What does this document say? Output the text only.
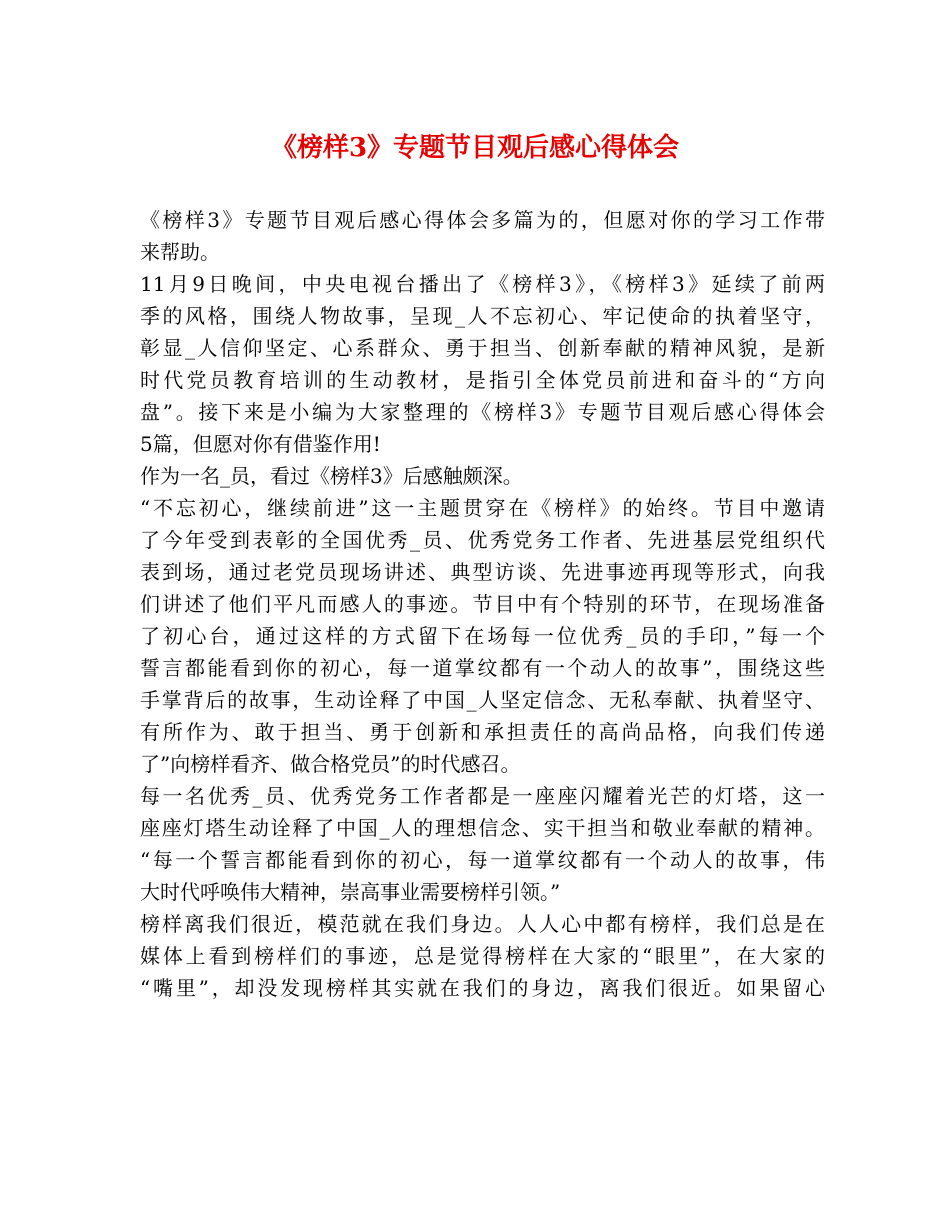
《榜样3》专题节目观后感心得体会
《榜样3》专题节目观后感心得体会多篇为的，但愿对你的学习工作带
来帮助。
11月9日晚间，中央电视台播出了《榜样3》，《榜样3》延续了前两
季的风格，围绕人物故事，呈现_人不忘初心、牢记使命的执着坚守，
彰显_人信仰坚定、心系群众、勇于担当、创新奉献的精神风貌，是新
时代党员教育培训的生动教材，是指引全体党员前进和奋斗的“方向
盘”。接下来是小编为大家整理的《榜样3》专题节目观后感心得体会
5篇，但愿对你有借鉴作用!
作为一名_员，看过《榜样3》后感触颇深。
“不忘初心，继续前进”这一主题贯穿在《榜样》的始终。节目中邀请
了今年受到表彰的全国优秀_员、优秀党务工作者、先进基层党组织代
表到场，通过老党员现场讲述、典型访谈、先进事迹再现等形式，向我
们讲述了他们平凡而感人的事迹。节目中有个特别的环节，在现场准备
了初心台，通过这样的方式留下在场每一位优秀_员的手印，”每一个
誓言都能看到你的初心，每一道掌纹都有一个动人的故事”，围绕这些
手掌背后的故事，生动诠释了中国_人坚定信念、无私奉献、执着坚守、
有所作为、敢于担当、勇于创新和承担责任的高尚品格，向我们传递
了”向榜样看齐、做合格党员”的时代感召。
每一名优秀_员、优秀党务工作者都是一座座闪耀着光芒的灯塔，这一
座座灯塔生动诠释了中国_人的理想信念、实干担当和敬业奉献的精神。
“每一个誓言都能看到你的初心，每一道掌纹都有一个动人的故事，伟
大时代呼唤伟大精神，崇高事业需要榜样引领。”
榜样离我们很近，模范就在我们身边。人人心中都有榜样，我们总是在
媒体上看到榜样们的事迹，总是觉得榜样在大家的“眼里”，在大家的
“嘴里”，却没发现榜样其实就在我们的身边，离我们很近。如果留心
